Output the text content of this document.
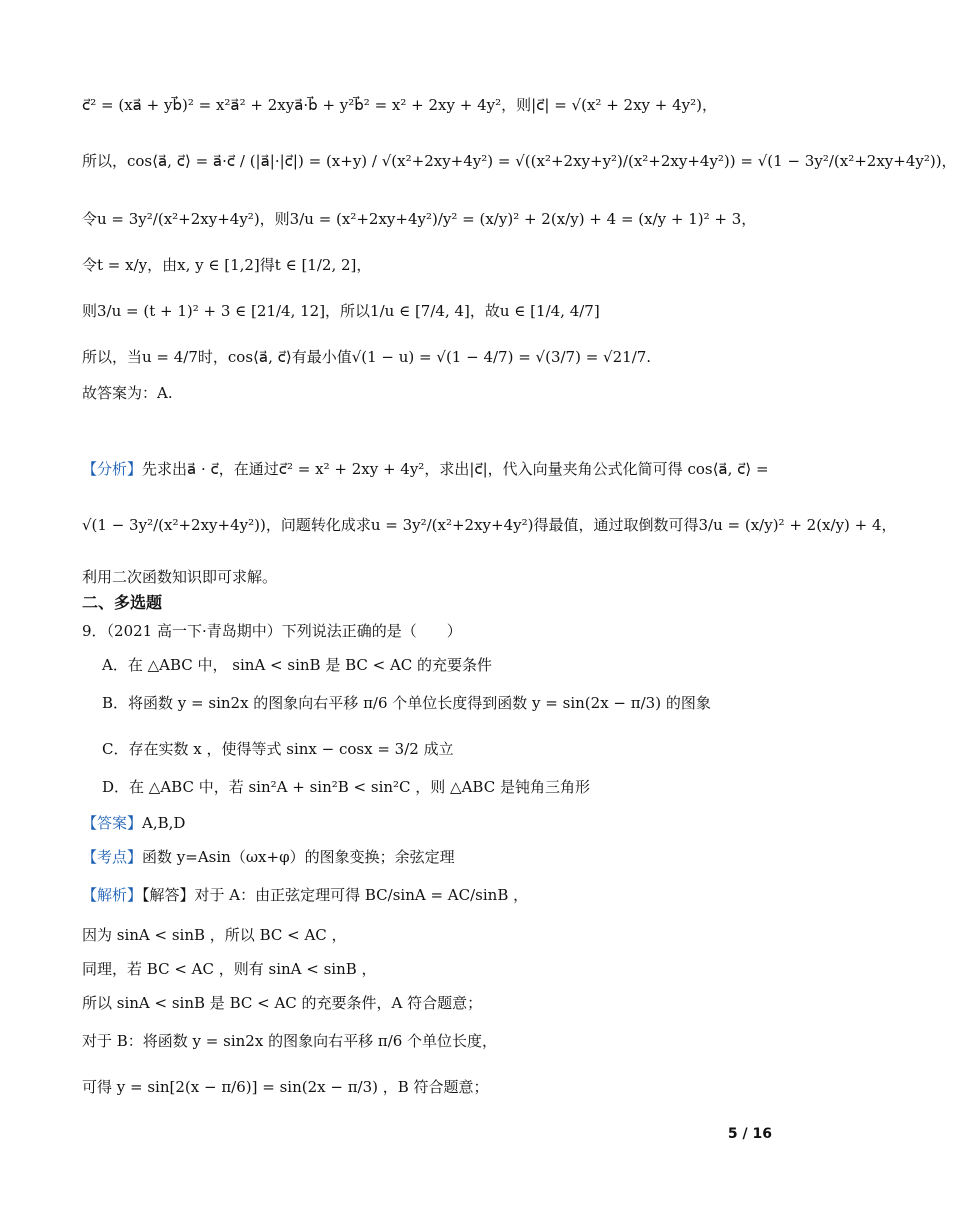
c⃗² = (xa⃗ + yb⃗)² = x²a⃗² + 2xya⃗·b⃗ + y²b⃗² = x² + 2xy + 4y²，则|c⃗| = √(x² + 2xy + 4y²)，
所以，cos⟨a⃗, c⃗⟩ = a⃗·c⃗ / (|a⃗|·|c⃗|) = (x+y) / √(x²+2xy+4y²) = √((x²+2xy+y²)/(x²+2xy+4y²)) = √(1 − 3y²/(x²+2xy+4y²))，
令u = 3y²/(x²+2xy+4y²)，则3/u = (x²+2xy+4y²)/y² = (x/y)² + 2(x/y) + 4 = (x/y + 1)² + 3，
令t = x/y，由x, y ∈ [1,2]得t ∈ [1/2, 2]，
则3/u = (t + 1)² + 3 ∈ [21/4, 12]，所以1/u ∈ [7/4, 4]，故u ∈ [1/4, 4/7]
所以，当u = 4/7时，cos⟨a⃗, c⃗⟩有最小值√(1 − u) = √(1 − 4/7) = √(3/7) = √21/7.
故答案为：A.
【分析】先求出a⃗ · c⃗，在通过c⃗² = x² + 2xy + 4y²，求出|c⃗|，代入向量夹角公式化简可得 cos⟨a⃗, c⃗⟩ =
√(1 − 3y²/(x²+2xy+4y²))，问题转化成求u = 3y²/(x²+2xy+4y²)得最值，通过取倒数可得3/u = (x/y)² + 2(x/y) + 4，
利用二次函数知识即可求解。
二、多选题
9．（2021 高一下·青岛期中）下列说法正确的是（　　）
A．在 △ABC 中， sinA < sinB 是 BC < AC 的充要条件
B．将函数 y = sin2x 的图象向右平移 π/6 个单位长度得到函数 y = sin(2x − π/3) 的图象
C．存在实数 x ，使得等式 sinx − cosx = 3/2 成立
D．在 △ABC 中，若 sin²A + sin²B < sin²C ，则 △ABC 是钝角三角形
【答案】A,B,D
【考点】函数 y=Asin（ωx+φ）的图象变换；余弦定理
【解析】【解答】对于 A：由正弦定理可得 BC/sinA = AC/sinB ，
因为 sinA < sinB ，所以 BC < AC ，
同理，若 BC < AC ，则有 sinA < sinB ，
所以 sinA < sinB 是 BC < AC 的充要条件，A 符合题意；
对于 B：将函数 y = sin2x 的图象向右平移 π/6 个单位长度，
可得 y = sin[2(x − π/6)] = sin(2x − π/3) ，B 符合题意；
5 / 16
